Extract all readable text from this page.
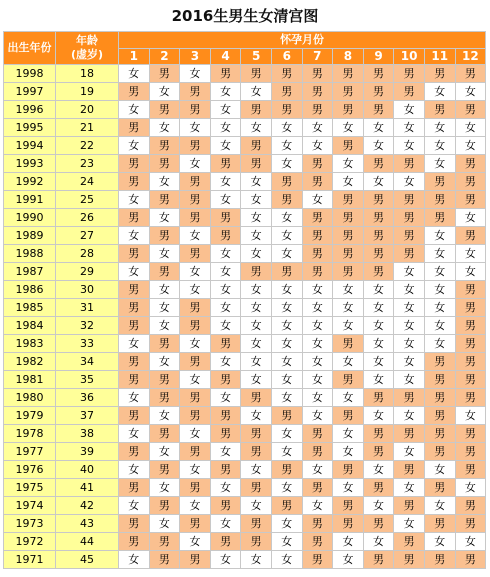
2016生男生女清宫图
出生年份	年龄
(虚岁)	怀孕月份											
		1	2	3	4	5	6	7	8	9	10	11	12
1998	18	女	男	女	男	男	男	男	男	男	男	男	男
1997	19	男	女	男	女	女	男	男	男	男	男	女	女
1996	20	女	男	男	女	男	男	男	男	男	女	男	男
1995	21	男	女	女	女	女	女	女	女	女	女	女	女
1994	22	女	男	男	女	男	女	女	男	女	女	女	女
1993	23	男	男	女	男	男	女	男	女	男	男	女	男
1992	24	男	女	男	女	女	男	男	女	女	女	男	男
1991	25	女	男	男	女	女	男	女	男	男	男	男	男
1990	26	男	女	男	男	女	女	男	男	男	男	男	女
1989	27	女	男	女	男	女	女	男	男	男	男	女	男
1988	28	男	女	男	女	女	女	男	男	男	男	女	女
1987	29	女	男	女	女	男	男	男	男	男	女	女	女
1986	30	男	女	女	女	女	女	女	女	女	女	女	男
1985	31	男	女	男	女	女	女	女	女	女	女	女	男
1984	32	男	女	男	女	女	女	女	女	女	女	女	男
1983	33	女	男	女	男	女	女	女	男	女	女	女	男
1982	34	男	女	男	女	女	女	女	女	女	女	男	男
1981	35	男	男	女	男	女	女	女	男	女	女	男	男
1980	36	女	男	男	女	男	女	女	女	男	男	男	男
1979	37	男	女	男	男	女	男	女	男	女	女	男	女
1978	38	女	男	女	男	男	女	男	女	男	男	男	男
1977	39	男	女	男	女	男	女	男	女	男	女	男	男
1976	40	女	男	女	男	女	男	女	男	女	男	女	男
1975	41	男	女	男	女	男	女	男	女	男	女	男	女
1974	42	女	男	女	男	女	男	女	男	女	男	女	男
1973	43	男	女	男	女	男	女	男	男	男	女	男	男
1972	44	男	男	女	男	男	女	男	女	女	男	女	女
1971	45	女	男	男	女	女	女	男	女	男	男	男	男
